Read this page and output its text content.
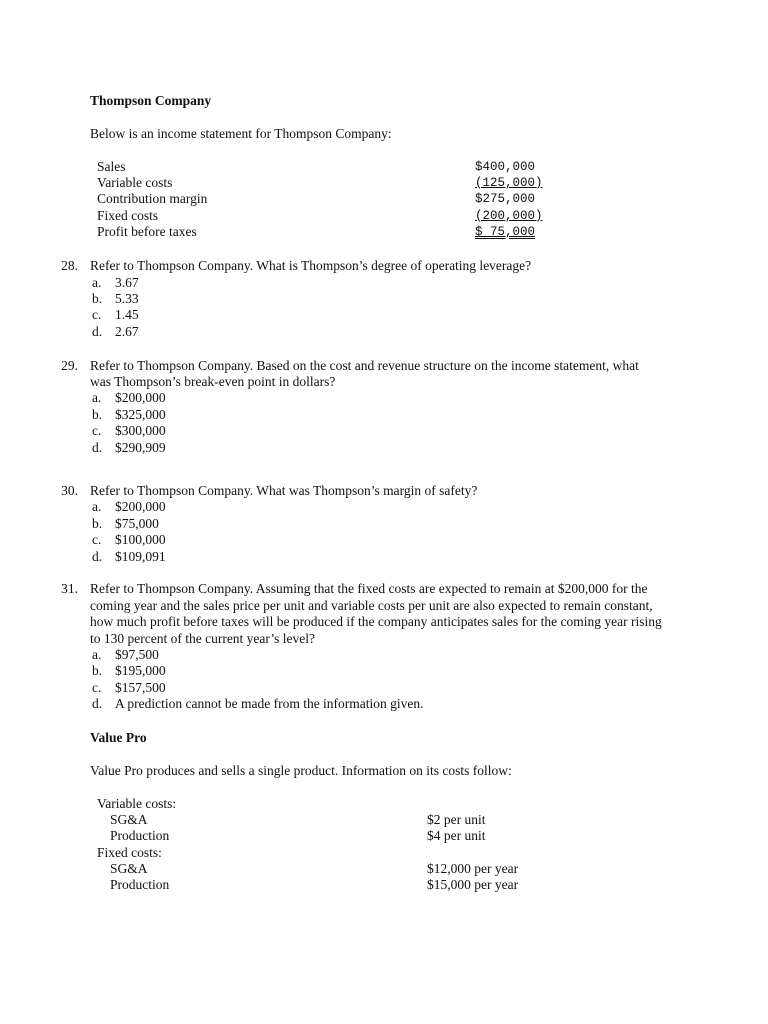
Thompson Company
Below is an income statement for Thompson Company:
Sales	$400,000
Variable costs	(125,000)
Contribution margin	$275,000
Fixed costs	(200,000)
Profit before taxes	$ 75,000
28. Refer to Thompson Company. What is Thompson’s degree of operating leverage?
a.	3.67
b. 5.33
c.	1.45
d. 2.67
29. Refer to Thompson Company. Based on the cost and revenue structure on the income statement, what
was Thompson’s break-even point in dollars?
a.	$200,000
b. $325,000
c.	$300,000
d. $290,909
30. Refer to Thompson Company. What was Thompson’s margin of safety?
a.	$200,000
b. $75,000
c.	$100,000
d. $109,091
31. Refer to Thompson Company. Assuming that the fixed costs are expected to remain at $200,000 for the
coming year and the sales price per unit and variable costs per unit are also expected to remain constant,
how much profit before taxes will be produced if the company anticipates sales for the coming year rising
to 130 percent of the current year’s level?
a.	$97,500
b. $195,000
c.	$157,500
d. A prediction cannot be made from the information given.
Value Pro
Value Pro produces and sells a single product. Information on its costs follow:
Variable costs:
SG&A	$2 per unit
Production	$4 per unit
Fixed costs:
SG&A	$12,000 per year
Production	$15,000 per year
